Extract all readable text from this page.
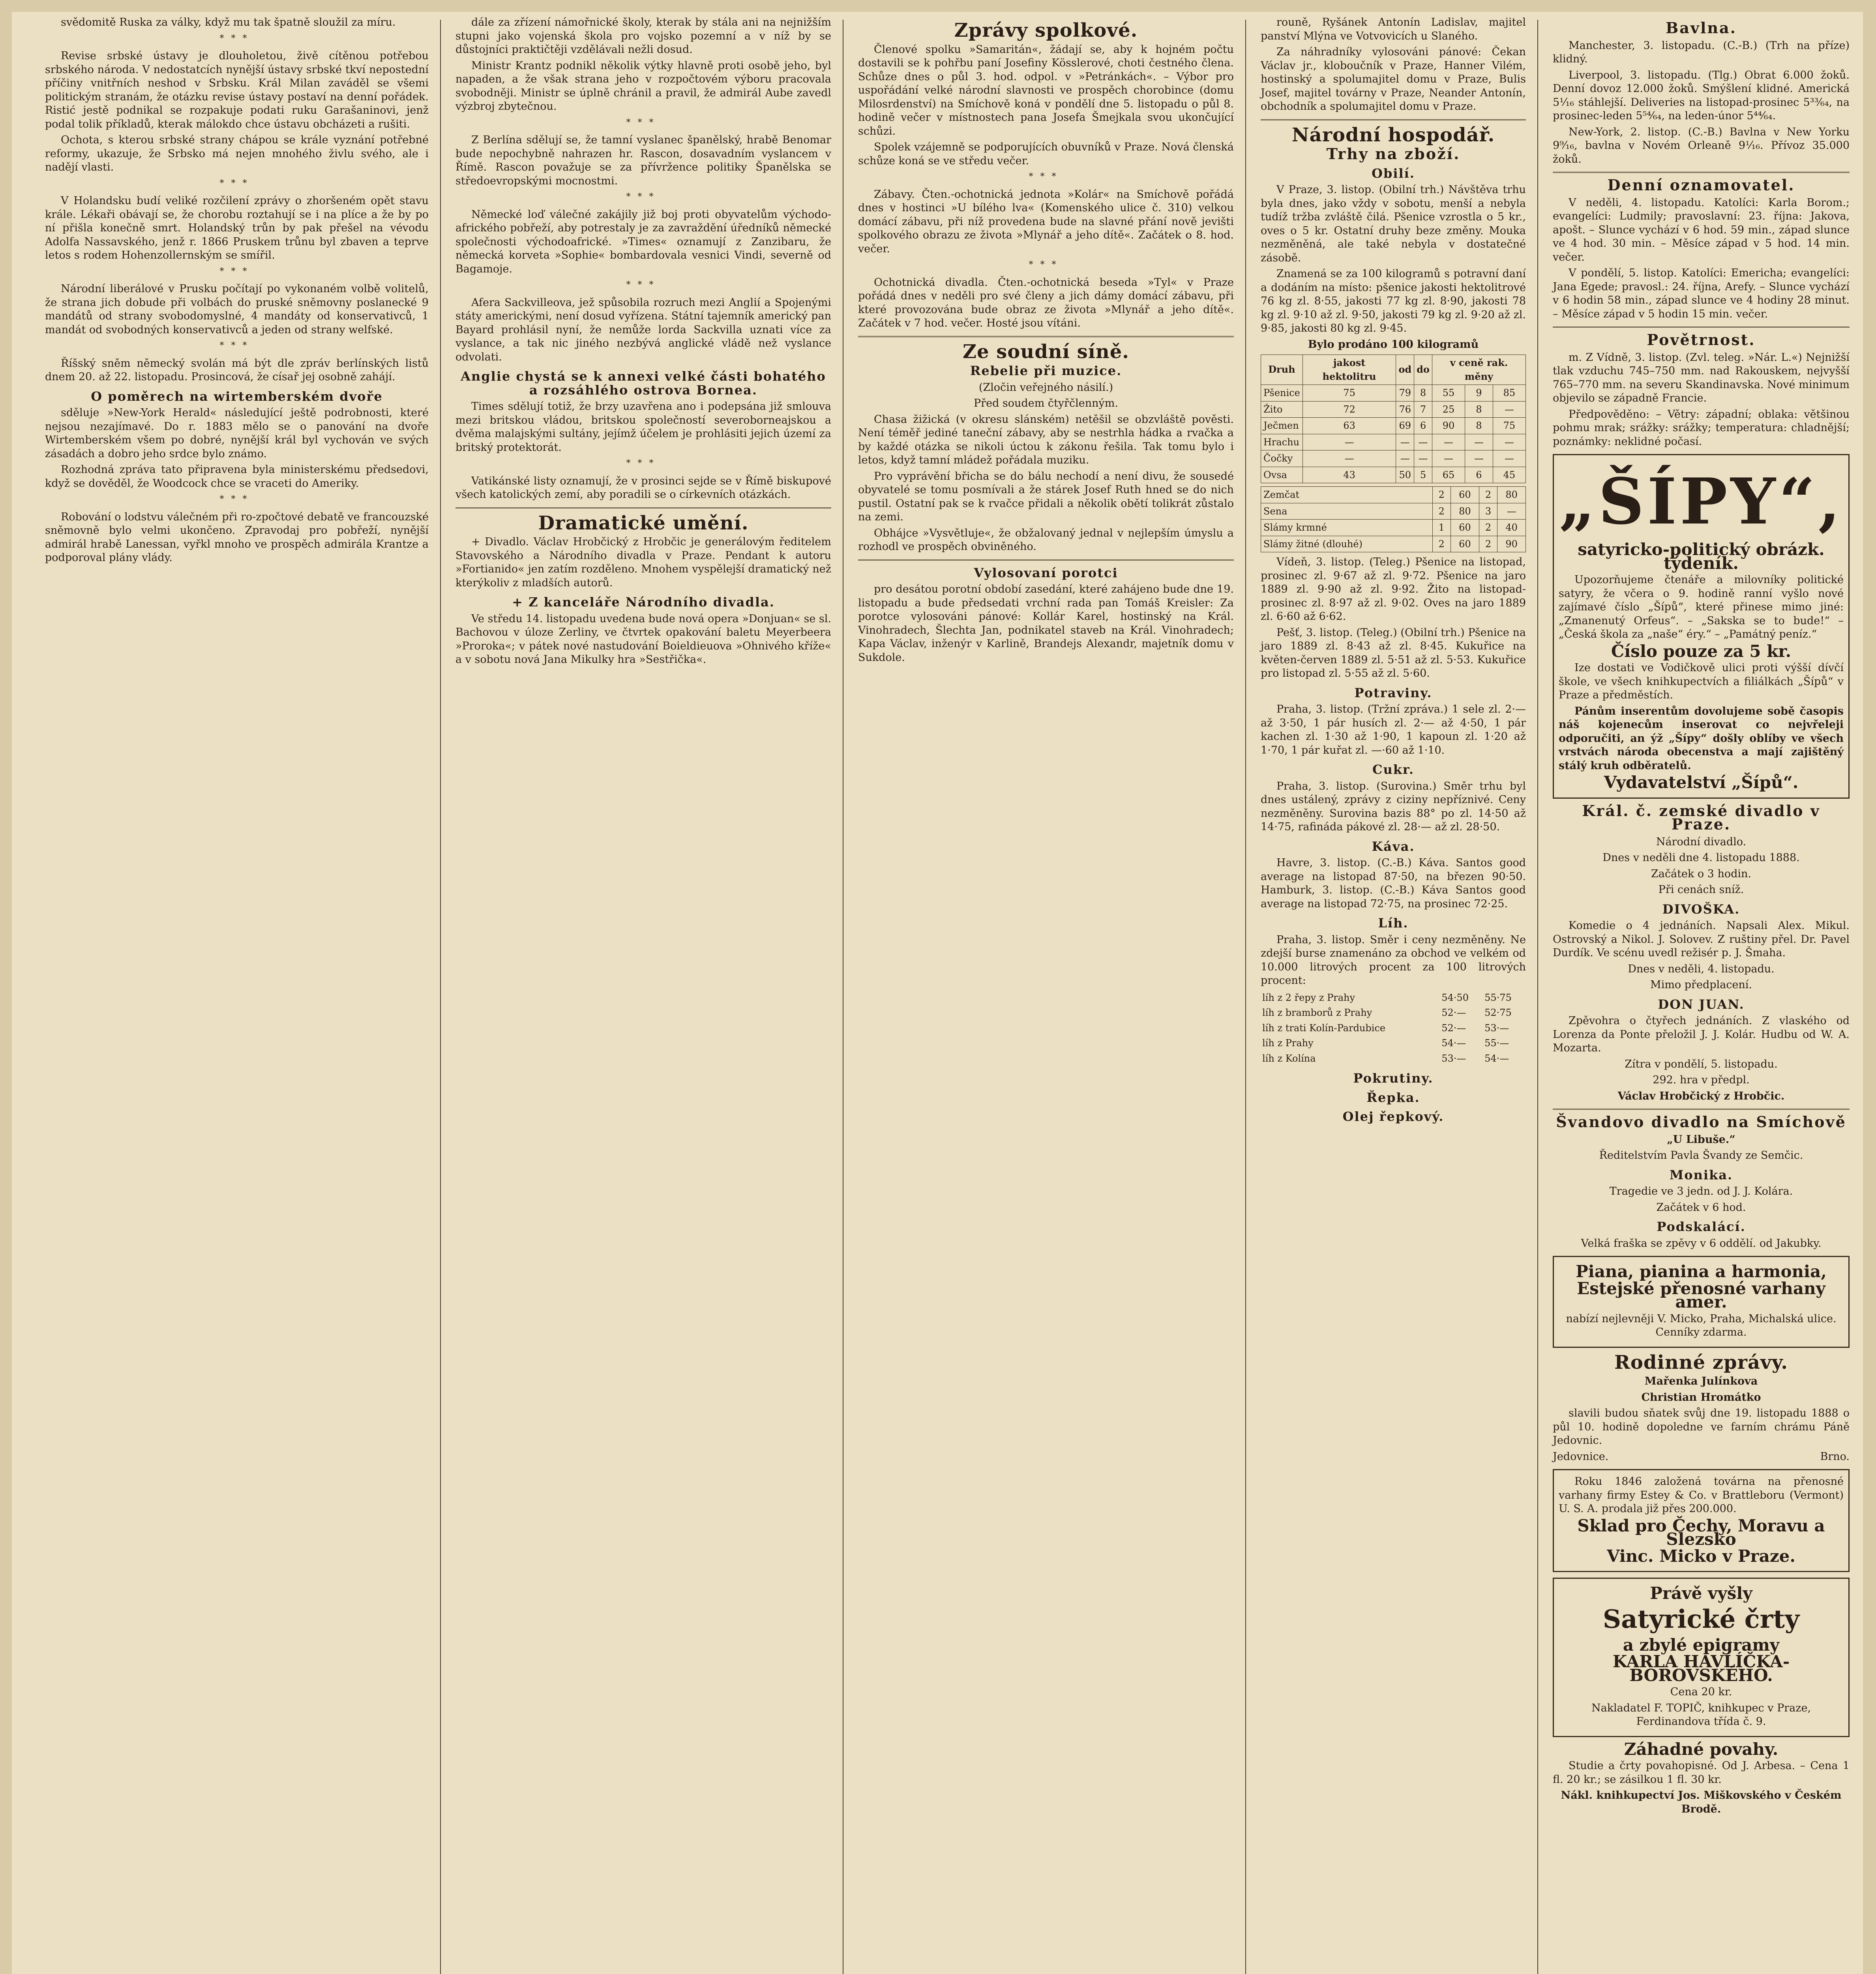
svědomitě Ruska za války, když mu tak špatně sloužil za míru.

***

Revise srbské ústavy je dlouholetou, živě cítěnou potřebou srbského národa. V nedostatcích nynější ústavy srbské tkví nepostední příčiny vnitřních neshod v Srbsku. Král Milan zaváděl se všemi politickým stranám, že otázku revise ústavy postaví na denní pořádek. Ristić jestě podnikal se rozpakuje podati ruku Garašaninovi, jenž podal tolik příkladů, kterak málokdo chce ústavu obcházeti a rušiti.

Ochota, s kterou srbské strany chápou se krále vyznání potřebné reformy, ukazuje, že Srbsko má nejen mnohého živlu svého, ale i nadějí vlasti.

***

V Holandsku budí veliké rozčilení zprávy o zhoršeném opět stavu krále. Lékaři obávají se, že chorobu roztahují se i na plíce a že by po ní přišla konečně smrt. Holandský trůn by pak přešel na vévodu Adolfa Nassavského, jenž r. 1866 Pruskem trůnu byl zbaven a teprve letos s rodem Hohenzollernským se smířil.

***

Národní liberálové v Prusku počítají po vykonaném volbě volitelů, že strana jich dobude při volbách do pruské sněmovny poslanecké 9 mandátů od strany svobodomyslné, 4 mandáty od konservativců, 1 mandát od svobodných konservativců a jeden od strany welfské.

***

Říšský sněm německý svolán má být dle zpráv berlínských listů dnem 20. až 22. listopadu. Prosincová, že císař jej osobně zahájí.

O poměrech na wirtemberském dvoře

sděluje »New-York Herald« následující ještě podrobnosti, které nejsou nezajímavé. Do r. 1883 mělo se o panování na dvoře Wirtemberském všem po dobré, nynější král byl vychován ve svých zásadách a dobro jeho srdce bylo známo.

Rozhodná zpráva tato připravena byla ministerskému předsedovi, když se dověděl, že Woodcock chce se vraceti do Ameriky.

***

Robování o lodstvu válečném při ro-zpočtové debatě ve francouzské sněmovně bylo velmi ukončeno. Zpravodaj pro pobřeží, nynější admirál hrabě Lanessan, vyřkl mnoho ve prospěch admirála Krantze a podporoval plány vlády.

dále za zřízení námořnické školy, kterak by stála ani na nejnižším stupni jako vojenská škola pro vojsko pozemní a v níž by se důstojníci praktičtěji vzdělávali nežli dosud.

Ministr Krantz podnikl několik výtky hlavně proti osobě jeho, byl napaden, a že však strana jeho v rozpočtovém výboru pracovala svobodněji. Ministr se úplně chránil a pravil, že admirál Aube zavedl výzbroj zbytečnou.

***

Z Berlína sdělují se, že tamní vyslanec španělský, hrabě Benomar bude nepochybně nahrazen hr. Rascon, dosavadním vyslancem v Římě. Rascon považuje se za přívržence politiky Španělska se středoevropskými mocnostmi.

***

Německé loď válečné zakájily již boj proti obyvatelům východo-afrického pobřeží, aby potrestaly je za zavraždění úředníků německé společnosti východoafrické. »Times« oznamují z Zanzibaru, že německá korveta »Sophie« bombardovala vesnici Vindi, severně od Bagamoje.

***

Afera Sackvilleova, jež spůsobila rozruch mezi Anglií a Spojenými státy americkými, není dosud vyřízena. Státní tajemník americký pan Bayard prohlásil nyní, že nemůže lorda Sackvilla uznati více za vyslance, a tak nic jiného nezbývá anglické vládě než vyslance odvolati.

Anglie chystá se k annexi velké části bohatého a rozsáhlého ostrova Bornea.

Times sdělují totiž, že brzy uzavřena ano i podepsána již smlouva mezi britskou vládou, britskou společností severoborneajskou a dvěma malajskými sultány, jejímž účelem je prohlásiti jejich území za britský protektorát.

***

Vatikánské listy oznamují, že v prosinci sejde se v Římě biskupové všech katolických zemí, aby poradili se o církevních otázkách.

Dramatické umění.

+ Divadlo. Václav Hrobčický z Hrobčic je generálovým ředitelem Stavovského a Národního divadla v Praze. Pendant k autoru »Fortianido« jen zatím rozděleno. Mnohem vyspělejší dramatický než kterýkoliv z mladších autorů.

+ Z kanceláře Národního divadla.

Ve středu 14. listopadu uvedena bude nová opera »Donjuan« se sl. Bachovou v úloze Zerliny, ve čtvrtek opakování baletu Meyerbeera »Proroka«; v pátek nové nastudování Boieldieuova »Ohnivého kříže« a v sobotu nová Jana Mikulky hra »Sestřička«.

Zprávy spolkové.

Členové spolku »Samaritán«, žádají se, aby k hojném počtu dostavili se k pohřbu paní Josefiny Kösslerové, choti čestného člena. Schůze dnes o půl 3. hod. odpol. v »Petránkách«. – Výbor pro uspořádání velké národní slavnosti ve prospěch chorobince (domu Milosrdenství) na Smíchově koná v pondělí dne 5. listopadu o půl 8. hodině večer v místnostech pana Josefa Šmejkala svou ukončující schůzi.

Spolek vzájemně se podporujících obuvníků v Praze. Nová členská schůze koná se ve středu večer.

***

Zábavy. Čten.-ochotnická jednota »Kolár« na Smíchově pořádá dnes v hostinci »U bílého lva« (Komenského ulice č. 310) velkou domácí zábavu, při níž provedena bude na slavné přání nově jevišti spolkového obrazu ze života »Mlynář a jeho dítě«. Začátek o 8. hod. večer.

***

Ochotnická divadla. Čten.-ochotnická beseda »Tyl« v Praze pořádá dnes v neděli pro své členy a jich dámy domácí zábavu, při které provozována bude obraz ze života »Mlynář a jeho dítě«. Začátek v 7 hod. večer. Hosté jsou vítáni.

Ze soudní síně.
Rebelie při muzice.

(Zločin veřejného násilí.)

Před soudem čtyřčlenným.

Chasa žižická (v okresu slánském) netěšil se obzvláště pověsti. Není téměř jediné taneční zábavy, aby se nestrhla hádka a rvačka a by každé otázka se nikoli úctou k zákonu řešila. Tak tomu bylo i letos, když tamní mládež pořádala muziku.

Pro vyprávění břicha se do bálu nechodí a není divu, že sousedé obyvatelé se tomu posmívali a že stárek Josef Ruth hned se do nich pustil. Ostatní pak se k rvačce přidali a několik obětí tolikrát zůstalo na zemi.

Obhájce »Vysvětluje«, že obžalovaný jednal v nejlepším úmyslu a rozhodl ve prospěch obviněného.

Vylosovaní porotci

pro desátou porotní období zasedání, které zahájeno bude dne 19. listopadu a bude předsedati vrchní rada pan Tomáš Kreisler: Za porotce vylosováni pánové: Kollár Karel, hostinský na Král. Vinohradech, Šlechta Jan, podnikatel staveb na Král. Vinohradech; Kapa Václav, inženýr v Karlině, Brandejs Alexandr, majetník domu v Sukdole.

rouně, Ryšánek Antonín Ladislav, majitel panství Mlýna ve Votvovicích u Slaného.

Za náhradníky vylosováni pánové: Čekan Václav jr., kloboučník v Praze, Hanner Vilém, hostinský a spolumajitel domu v Praze, Bulis Josef, majitel továrny v Praze, Neander Antonín, obchodník a spolumajitel domu v Praze.

Národní hospodář.
Trhy na zboží.
Obilí.

V Praze, 3. listop. (Obilní trh.) Návštěva trhu byla dnes, jako vždy v sobotu, menší a nebyla tudíž tržba zvláště čilá. Pšenice vzrostla o 5 kr., oves o 5 kr. Ostatní druhy beze změny. Mouka nezměněná, ale také nebyla v dostatečné zásobě.

Znamená se za 100 kilogramů s potravní daní a dodáním na místo: pšenice jakosti hektolitrové 76 kg zl. 8·55, jakosti 77 kg zl. 8·90, jakosti 78 kg zl. 9·10 až zl. 9·50, jakosti 79 kg zl. 9·20 až zl. 9·85, jakosti 80 kg zl. 9·45.

Bylo prodáno 100 kilogramů

Druh	jakost hektolitru	od	do	v ceně rak. měny		
Pšenice	75	79	8	55	9	85
Žito	72	76	7	25	8	—
Ječmen	63	69	6	90	8	75
Hrachu	—	—	—	—	—	—
Čočky	—	—	—	—	—	—
Ovsa	43	50	5	65	6	45
Zemčat	2	60	2	80
Sena	2	80	3	—
Slámy krmné	1	60	2	40
Slámy žitné (dlouhé)	2	60	2	90

Vídeň, 3. listop. (Teleg.) Pšenice na listopad, prosinec zl. 9·67 až zl. 9·72. Pšenice na jaro 1889 zl. 9·90 až zl. 9·92. Žito na listopad-prosinec zl. 8·97 až zl. 9·02. Oves na jaro 1889 zl. 6·60 až 6·62.

Pešť, 3. listop. (Teleg.) (Obilní trh.) Pšenice na jaro 1889 zl. 8·43 až zl. 8·45. Kukuřice na květen-červen 1889 zl. 5·51 až zl. 5·53. Kukuřice pro listopad zl. 5·55 až zl. 5·60.

Potraviny.

Praha, 3. listop. (Tržní zpráva.) 1 sele zl. 2·— až 3·50, 1 pár husích zl. 2·— až 4·50, 1 pár kachen zl. 1·30 až 1·90, 1 kapoun zl. 1·20 až 1·70, 1 pár kuřat zl. —·60 až 1·10.

Cukr.

Praha, 3. listop. (Surovina.) Směr trhu byl dnes ustálený, zprávy z ciziny nepříznivé. Ceny nezměněny. Surovina bazis 88° po zl. 14·50 až 14·75, rafináda pákové zl. 28·— až zl. 28·50.

Káva.

Havre, 3. listop. (C.-B.) Káva. Santos good average na listopad 87·50, na březen 90·50. Hamburk, 3. listop. (C.-B.) Káva Santos good average na listopad 72·75, na prosinec 72·25.

Líh.

Praha, 3. listop. Směr i ceny nezměněny. Ne zdejší burse znamenáno za obchod ve velkém od 10.000 litrových procent za 100 litrových procent:

líh z 2 řepy z Prahy	54·50	55·75
líh z bramborů z Prahy	52·—	52·75
líh z trati Kolín-Pardubice	52·—	53·—
líh z Prahy	54·—	55·—
líh z Kolína	53·—	54·—
Pokrutiny.
Řepka.
Olej řepkový.
Bavlna.

Manchester, 3. listopadu. (C.-B.) (Trh na příze) klidný.

Liverpool, 3. listopadu. (Tlg.) Obrat 6.000 žoků. Denní dovoz 12.000 žoků. Smýšlení klidné. Americká 5¹⁄₁₆ stáhlejší. Deliveries na listopad-prosinec 5³³⁄₆₄, na prosinec-leden 5⁵⁴⁄₆₄, na leden-únor 5⁴⁴⁄₆₄.

New-York, 2. listop. (C.-B.) Bavlna v New Yorku 9⁹⁄₁₆, bavlna v Novém Orleaně 9¹⁄₁₆. Přívoz 35.000 žoků.

Denní oznamovatel.

V neděli, 4. listopadu. Katolíci: Karla Borom.; evangelíci: Ludmily; pravoslavní: 23. října: Jakova, apošt. – Slunce vychází v 6 hod. 59 min., západ slunce ve 4 hod. 30 min. – Měsíce západ v 5 hod. 14 min. večer.

V pondělí, 5. listop. Katolíci: Emericha; evangelíci: Jana Egede; pravosl.: 24. října, Arefy. – Slunce vychází v 6 hodin 58 min., západ slunce ve 4 hodiny 28 minut. – Měsíce západ v 5 hodin 15 min. večer.

Povětrnost.

m. Z Vídně, 3. listop. (Zvl. teleg. »Nár. L.«) Nejnižší tlak vzduchu 745–750 mm. nad Rakouskem, nejvyšší 765–770 mm. na severu Skandinavska. Nové minimum objevilo se západně Francie.

Předpověděno: – Větry: západní; oblaka: většinou pohmu mrak; srážky: srážky; temperatura: chladnější; poznámky: neklidné počasí.

„ŠÍPY“,
satyricko-politický obrázk. týdeník.

Upozorňujeme čtenáře a milovníky politické satyry, že včera o 9. hodině ranní vyšlo nové zajímavé číslo „Šípů“, které přinese mimo jiné: „Zmanenutý Orfeus“. – „Sakska se to bude!“ – „Česká škola za „naše“ éry.“ – „Památný peníz.“

Číslo pouze za 5 kr.

Ize dostati ve Vodičkově ulici proti výšší dívčí škole, ve všech knihkupectvích a filiálkách „Šípů“ v Praze a předměstích.

Pánům inserentům dovolujeme sobě časopis náš kojenecům inserovat co nejvřeleji odporučiti, an ýž „Šípy“ došly oblíby ve všech vrstvách národa obecenstva a mají zajištěný stálý kruh odběratelů.

Vydavatelství „Šípů“.
Král. č. zemské divadlo v Praze.

Národní divadlo.

Dnes v neděli dne 4. listopadu 1888.

Začátek o 3 hodin.

Při cenách sníž.

DIVOŠKA.

Komedie o 4 jednáních. Napsali Alex. Mikul. Ostrovský a Nikol. J. Solovev. Z ruštiny přel. Dr. Pavel Durdík. Ve scénu uvedl režisér p. J. Šmaha.

Dnes v neděli, 4. listopadu.

Mimo předplacení.

DON JUAN.

Zpěvohra o čtyřech jednáních. Z vlaského od Lorenza da Ponte přeložil J. J. Kolár. Hudbu od W. A. Mozarta.

Zítra v pondělí, 5. listopadu.

292. hra v předpl.

Václav Hrobčický z Hrobčic.

Švandovo divadlo na Smíchově

„U Libuše.“

Ředitelstvím Pavla Švandy ze Semčic.

Monika.

Tragedie ve 3 jedn. od J. J. Kolára.

Začátek v 6 hod.

Podskalácí.

Velká fraška se zpěvy v 6 oddělí. od Jakubky.

Piana, pianina a harmonia,
Estejské přenosné varhany amer.

nabízí nejlevněji V. Micko, Praha, Michalská ulice. Cenníky zdarma.

Rodinné zprávy.

Mařenka Julínkova

Christian Hromátko

slavili budou sňatek svůj dne 19. listopadu 1888 o půl 10. hodině dopoledne ve farním chrámu Páně Jedovnic.

Jedovnice.	Brno.

Roku 1846 založená továrna na přenosné varhany firmy Estey & Co. v Brattleboru (Vermont) U. S. A. prodala již přes 200.000.

Sklad pro Čechy, Moravu a Slezsko
Vinc. Micko v Praze.
Právě vyšly
Satyrické črty
a zbylé epigramy
KARLA HAVLÍČKA-BOROVSKÉHO.

Cena 20 kr.

Nakladatel F. TOPIČ, knihkupec v Praze, Ferdinandova třída č. 9.

Záhadné povahy.

Studie a črty povahopisné. Od J. Arbesa. – Cena 1 fl. 20 kr.; se zásilkou 1 fl. 30 kr.

Nákl. knihkupectví Jos. Miškovského v Českém Brodě.
